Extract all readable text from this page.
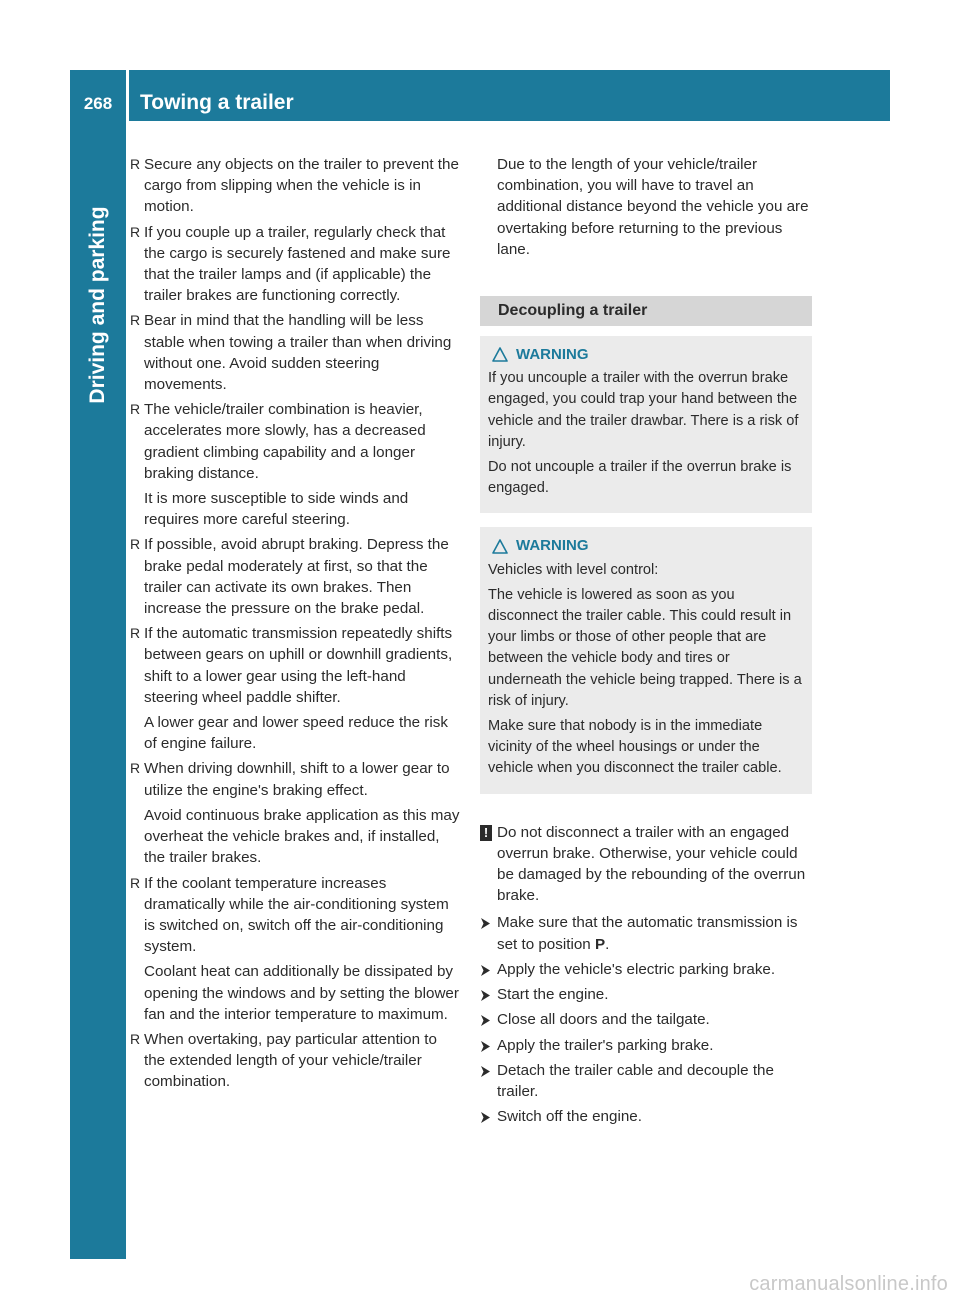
268	Towing a trailer
Driving and parking
R Secure any objects on the trailer to prevent the cargo from slipping when the vehicle is in motion.
R If you couple up a trailer, regularly check that the cargo is securely fastened and make sure that the trailer lamps and (if applicable) the trailer brakes are functioning correctly.
R Bear in mind that the handling will be less stable when towing a trailer than when driving without one. Avoid sudden steering movements.
R The vehicle/trailer combination is heavier, accelerates more slowly, has a decreased gradient climbing capability and a longer braking distance.
It is more susceptible to side winds and requires more careful steering.
R If possible, avoid abrupt braking. Depress the brake pedal moderately at first, so that the trailer can activate its own brakes. Then increase the pressure on the brake pedal.
R If the automatic transmission repeatedly shifts between gears on uphill or downhill gradients, shift to a lower gear using the left-hand steering wheel paddle shifter.
A lower gear and lower speed reduce the risk of engine failure.
R When driving downhill, shift to a lower gear to utilize the engine's braking effect.
Avoid continuous brake application as this may overheat the vehicle brakes and, if installed, the trailer brakes.
R If the coolant temperature increases dramatically while the air-conditioning system is switched on, switch off the air-conditioning system.
Coolant heat can additionally be dissipated by opening the windows and by setting the blower fan and the interior temperature to maximum.
R When overtaking, pay particular attention to the extended length of your vehicle/trailer combination.
Due to the length of your vehicle/trailer combination, you will have to travel an additional distance beyond the vehicle you are overtaking before returning to the previous lane.
Decoupling a trailer
WARNING

If you uncouple a trailer with the overrun brake engaged, you could trap your hand between the vehicle and the trailer drawbar. There is a risk of injury.

Do not uncouple a trailer if the overrun brake is engaged.

WARNING

Vehicles with level control:

The vehicle is lowered as soon as you disconnect the trailer cable. This could result in your limbs or those of other people that are between the vehicle body and tires or underneath the vehicle being trapped. There is a risk of injury.

Make sure that nobody is in the immediate vicinity of the wheel housings or under the vehicle when you disconnect the trailer cable.

! Do not disconnect a trailer with an engaged overrun brake. Otherwise, your vehicle could be damaged by the rebounding of the overrun brake.
Make sure that the automatic transmission is set to position P.
Apply the vehicle's electric parking brake.
Start the engine.
Close all doors and the tailgate.
Apply the trailer's parking brake.
Detach the trailer cable and decouple the trailer.
Switch off the engine.
carmanualsonline.info
